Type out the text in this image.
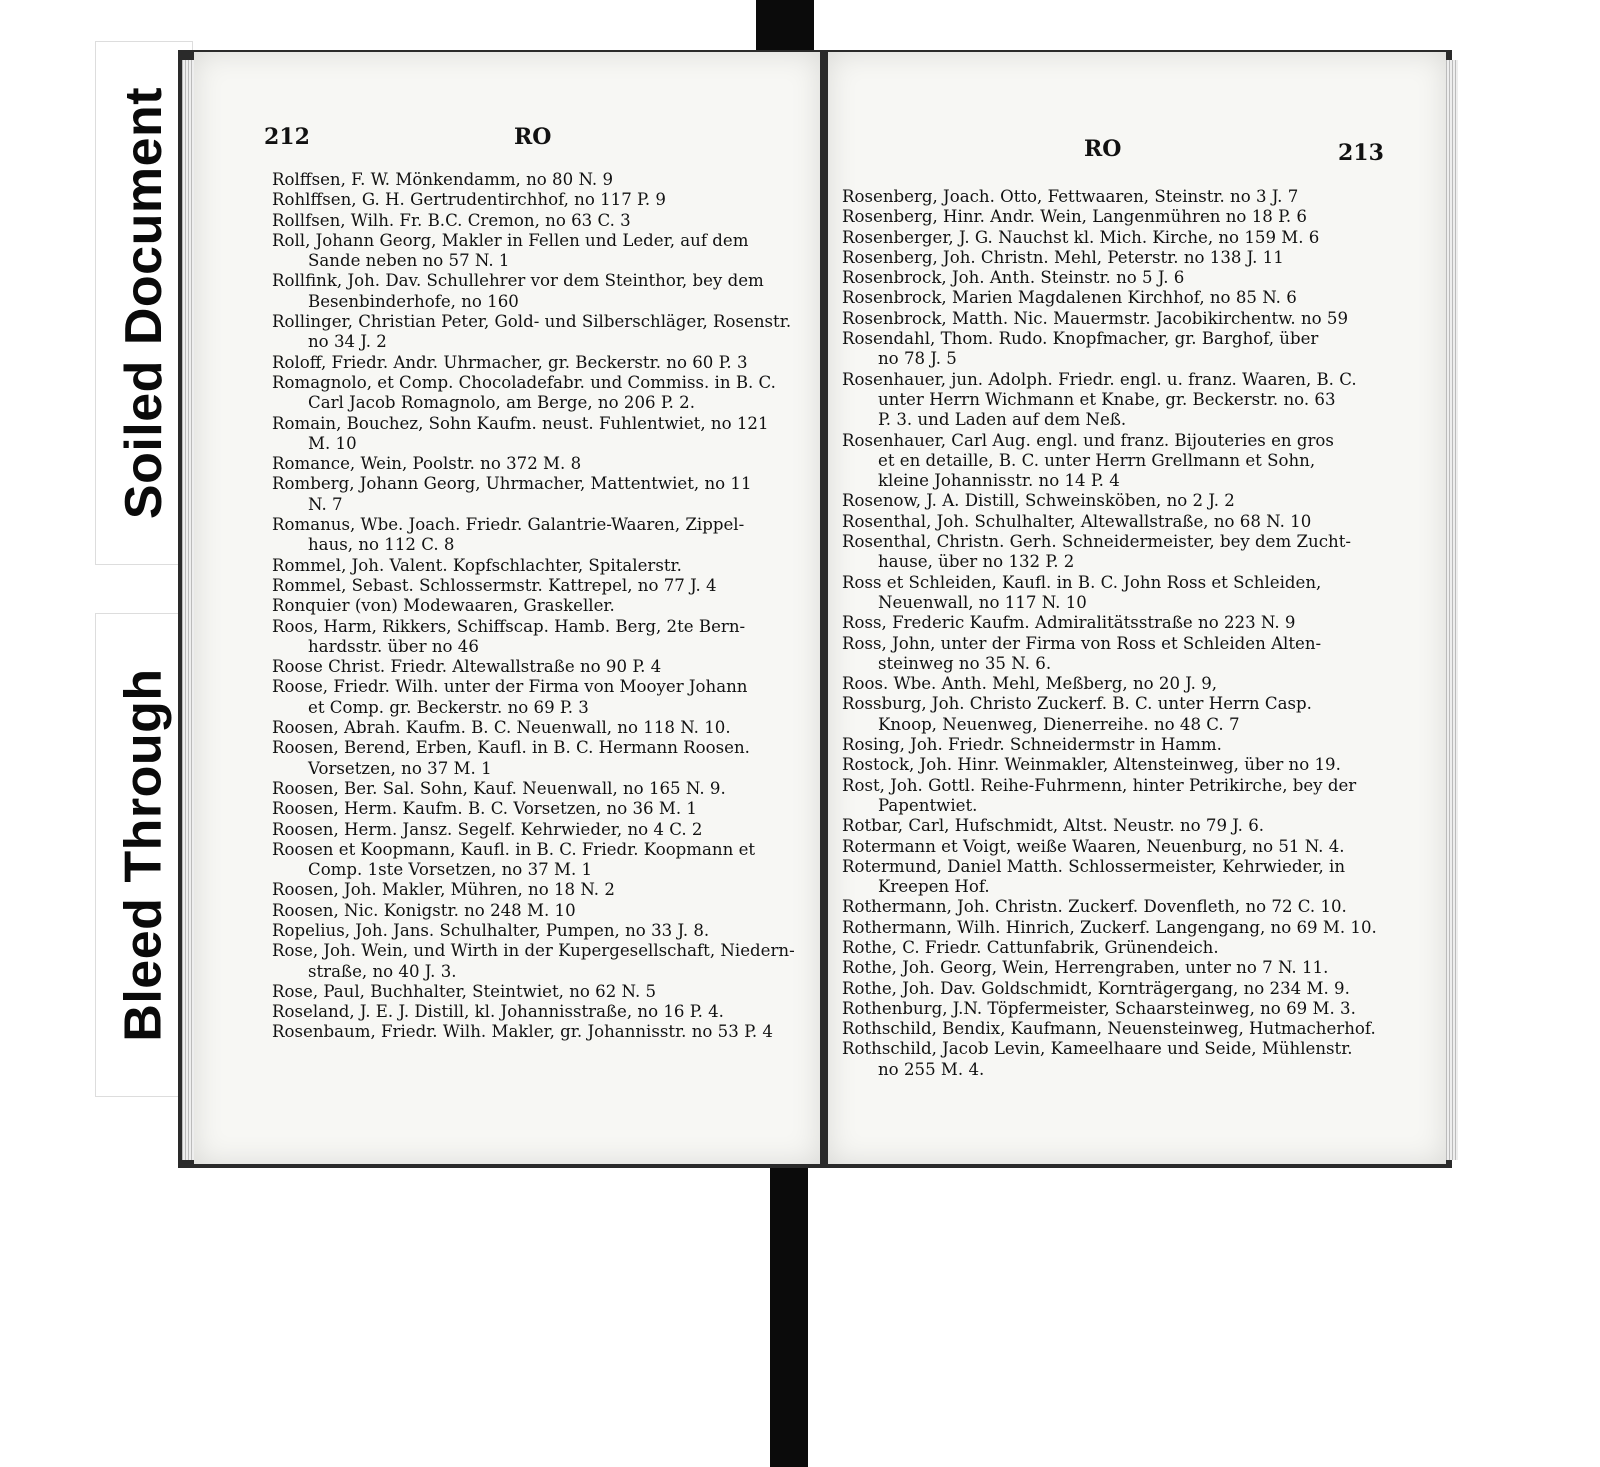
Soiled Document
Bleed Through
212	RO
Rolffsen, F. W. Mönkendamm, no 80 N. 9
Rohlffsen, G. H. Gertrudentirchhof, no 117 P. 9
Rollfsen, Wilh. Fr. B.C. Cremon, no 63 C. 3
Roll, Johann Georg, Makler in Fellen und Leder, auf dem
Sande neben no 57 N. 1
Rollfink, Joh. Dav. Schullehrer vor dem Steinthor, bey dem
Besenbinderhofe, no 160
Rollinger, Christian Peter, Gold- und Silberschläger, Rosenstr.
no 34 J. 2
Roloff, Friedr. Andr. Uhrmacher, gr. Beckerstr. no 60 P. 3
Romagnolo, et Comp. Chocoladefabr. und Commiss. in B. C.
Carl Jacob Romagnolo, am Berge, no 206 P. 2.
Romain, Bouchez, Sohn Kaufm. neust. Fuhlentwiet, no 121
M. 10
Romance, Wein, Poolstr. no 372 M. 8
Romberg, Johann Georg, Uhrmacher, Mattentwiet, no 11
N. 7
Romanus, Wbe. Joach. Friedr. Galantrie-Waaren, Zippel-
haus, no 112 C. 8
Rommel, Joh. Valent. Kopfschlachter, Spitalerstr.
Rommel, Sebast. Schlossermstr. Kattrepel, no 77 J. 4
Ronquier (von) Modewaaren, Graskeller.
Roos, Harm, Rikkers, Schiffscap. Hamb. Berg, 2te Bern-
hardsstr. über no 46
Roose Christ. Friedr. Altewallstraße no 90 P. 4
Roose, Friedr. Wilh. unter der Firma von Mooyer Johann
et Comp. gr. Beckerstr. no 69 P. 3
Roosen, Abrah. Kaufm. B. C. Neuenwall, no 118 N. 10.
Roosen, Berend, Erben, Kaufl. in B. C. Hermann Roosen.
Vorsetzen, no 37 M. 1
Roosen, Ber. Sal. Sohn, Kauf. Neuenwall, no 165 N. 9.
Roosen, Herm. Kaufm. B. C. Vorsetzen, no 36 M. 1
Roosen, Herm. Jansz. Segelf. Kehrwieder, no 4 C. 2
Roosen et Koopmann, Kaufl. in B. C. Friedr. Koopmann et
Comp. 1ste Vorsetzen, no 37 M. 1
Roosen, Joh. Makler, Mühren, no 18 N. 2
Roosen, Nic. Konigstr. no 248 M. 10
Ropelius, Joh. Jans. Schulhalter, Pumpen, no 33 J. 8.
Rose, Joh. Wein, und Wirth in der Kupergesellschaft, Niedern-
straße, no 40 J. 3.
Rose, Paul, Buchhalter, Steintwiet, no 62 N. 5
Roseland, J. E. J. Distill, kl. Johannisstraße, no 16 P. 4.
Rosenbaum, Friedr. Wilh. Makler, gr. Johannisstr. no 53 P. 4
RO	213
Rosenberg, Joach. Otto, Fettwaaren, Steinstr. no 3 J. 7
Rosenberg, Hinr. Andr. Wein, Langenmühren no 18 P. 6
Rosenberger, J. G. Nauchst kl. Mich. Kirche, no 159 M. 6
Rosenberg, Joh. Christn. Mehl, Peterstr. no 138 J. 11
Rosenbrock, Joh. Anth. Steinstr. no 5 J. 6
Rosenbrock, Marien Magdalenen Kirchhof, no 85 N. 6
Rosenbrock, Matth. Nic. Mauermstr. Jacobikirchentw. no 59
Rosendahl, Thom. Rudo. Knopfmacher, gr. Barghof, über
no 78 J. 5
Rosenhauer, jun. Adolph. Friedr. engl. u. franz. Waaren, B. C.
unter Herrn Wichmann et Knabe, gr. Beckerstr. no. 63
P. 3. und Laden auf dem Neß.
Rosenhauer, Carl Aug. engl. und franz. Bijouteries en gros
et en detaille, B. C. unter Herrn Grellmann et Sohn,
kleine Johannisstr. no 14 P. 4
Rosenow, J. A. Distill, Schweinsköben, no 2 J. 2
Rosenthal, Joh. Schulhalter, Altewallstraße, no 68 N. 10
Rosenthal, Christn. Gerh. Schneidermeister, bey dem Zucht-
hause, über no 132 P. 2
Ross et Schleiden, Kaufl. in B. C. John Ross et Schleiden,
Neuenwall, no 117 N. 10
Ross, Frederic Kaufm. Admiralitätsstraße no 223 N. 9
Ross, John, unter der Firma von Ross et Schleiden Alten-
steinweg no 35 N. 6.
Roos. Wbe. Anth. Mehl, Meßberg, no 20 J. 9,
Rossburg, Joh. Christo Zuckerf. B. C. unter Herrn Casp.
Knoop, Neuenweg, Dienerreihe. no 48 C. 7
Rosing, Joh. Friedr. Schneidermstr in Hamm.
Rostock, Joh. Hinr. Weinmakler, Altensteinweg, über no 19.
Rost, Joh. Gottl. Reihe-Fuhrmenn, hinter Petrikirche, bey der
Papentwiet.
Rotbar, Carl, Hufschmidt, Altst. Neustr. no 79 J. 6.
Rotermann et Voigt, weiße Waaren, Neuenburg, no 51 N. 4.
Rotermund, Daniel Matth. Schlossermeister, Kehrwieder, in
Kreepen Hof.
Rothermann, Joh. Christn. Zuckerf. Dovenfleth, no 72 C. 10.
Rothermann, Wilh. Hinrich, Zuckerf. Langengang, no 69 M. 10.
Rothe, C. Friedr. Cattunfabrik, Grünendeich.
Rothe, Joh. Georg, Wein, Herrengraben, unter no 7 N. 11.
Rothe, Joh. Dav. Goldschmidt, Kornträgergang, no 234 M. 9.
Rothenburg, J.N. Töpfermeister, Schaarsteinweg, no 69 M. 3.
Rothschild, Bendix, Kaufmann, Neuensteinweg, Hutmacherhof.
Rothschild, Jacob Levin, Kameelhaare und Seide, Mühlenstr.
no 255 M. 4.
